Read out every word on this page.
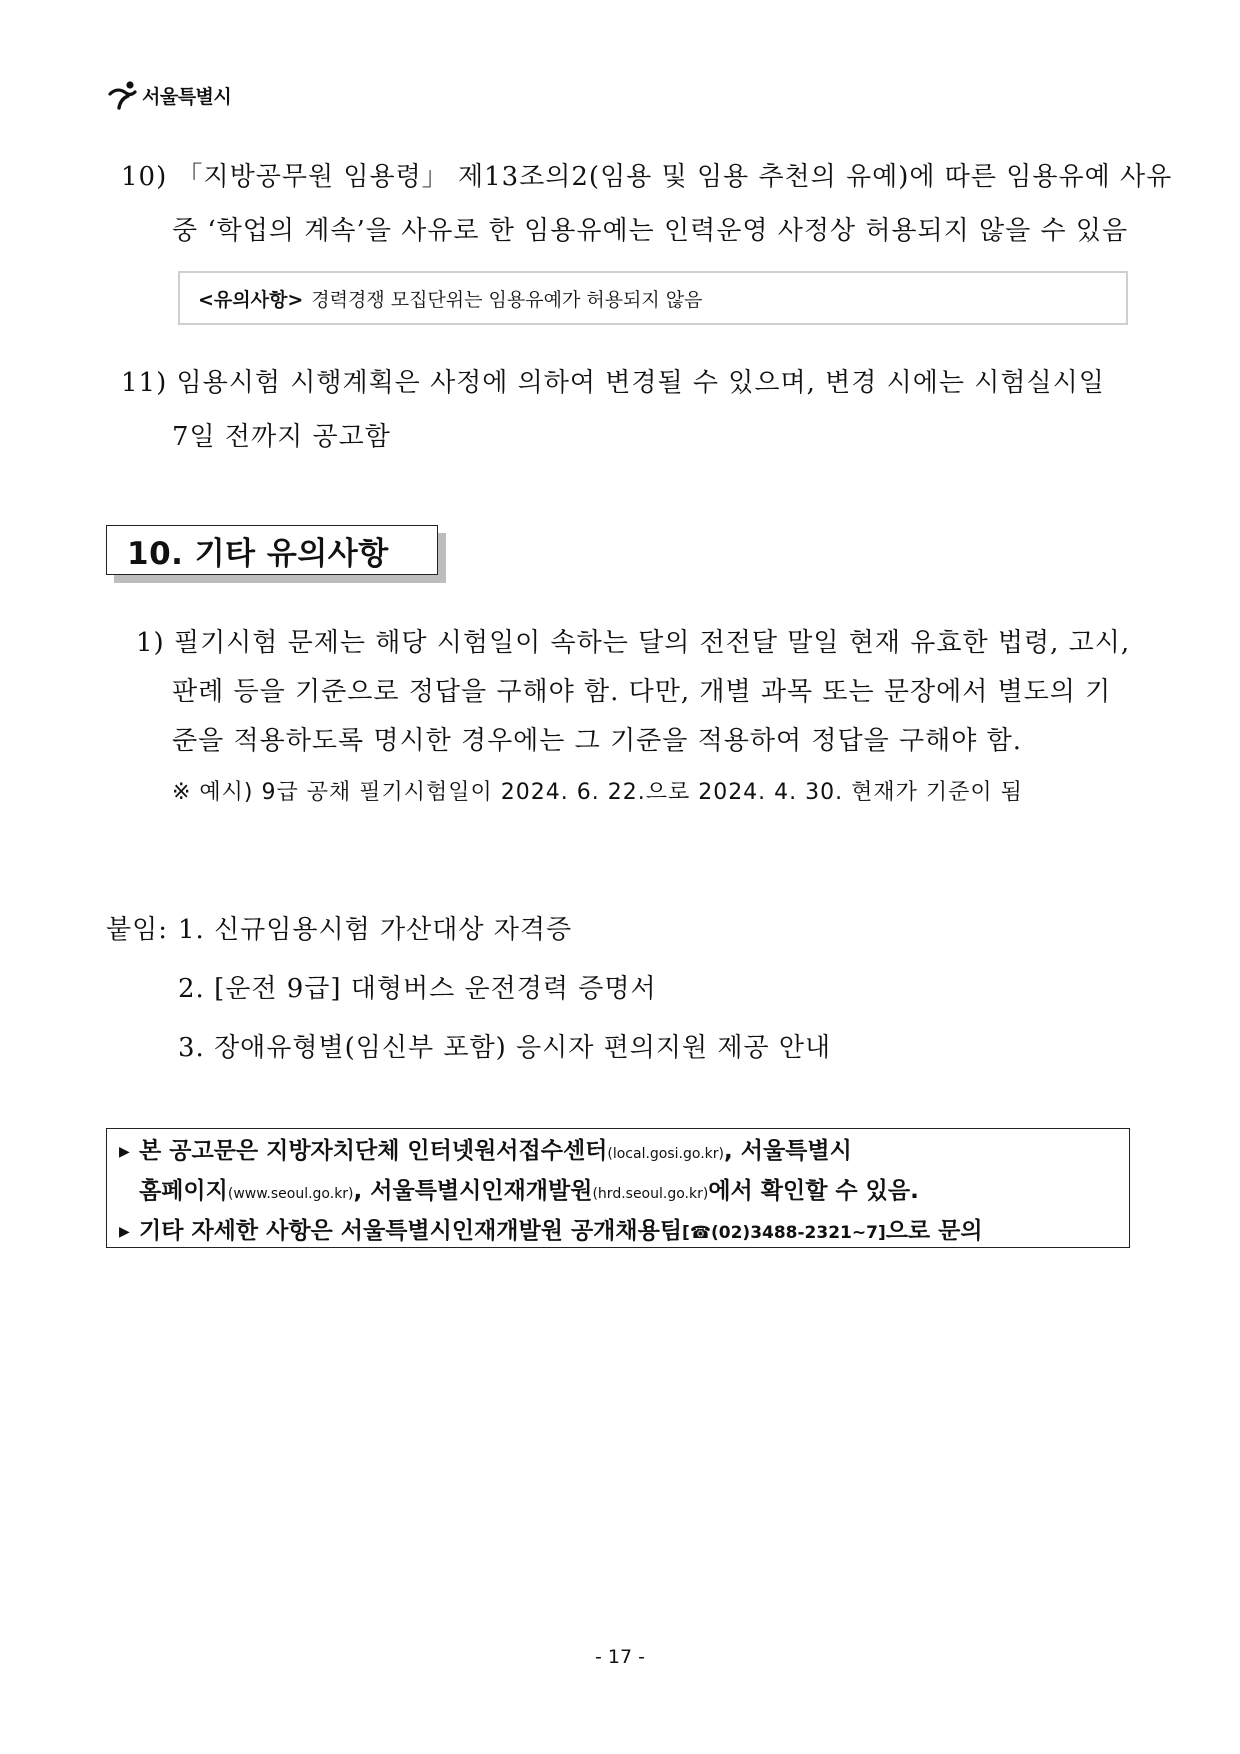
서울특별시
10) 「지방공무원 임용령」 제13조의2(임용 및 임용 추천의 유예)에 따른 임용유예 사유
중 ‘학업의 계속’을 사유로 한 임용유예는 인력운영 사정상 허용되지 않을 수 있음
<유의사항> 경력경쟁 모집단위는 임용유예가 허용되지 않음
11) 임용시험 시행계획은 사정에 의하여 변경될 수 있으며, 변경 시에는 시험실시일
7일 전까지 공고함
10. 기타 유의사항
1) 필기시험 문제는 해당 시험일이 속하는 달의 전전달 말일 현재 유효한 법령, 고시,
판례 등을 기준으로 정답을 구해야 함. 다만, 개별 과목 또는 문장에서 별도의 기
준을 적용하도록 명시한 경우에는 그 기준을 적용하여 정답을 구해야 함.
※ 예시) 9급 공채 필기시험일이 2024. 6. 22.으로 2024. 4. 30. 현재가 기준이 됨
붙임: 1. 신규임용시험 가산대상 자격증
2. [운전 9급] 대형버스 운전경력 증명서
3. 장애유형별(임신부 포함) 응시자 편의지원 제공 안내
▶ 본 공고문은 지방자치단체 인터넷원서접수센터(local.gosi.go.kr), 서울특별시
홈페이지(www.seoul.go.kr), 서울특별시인재개발원(hrd.seoul.go.kr)에서 확인할 수 있음.
▶ 기타 자세한 사항은 서울특별시인재개발원 공개채용팀[☎(02)3488-2321~7]으로 문의
- 17 -
